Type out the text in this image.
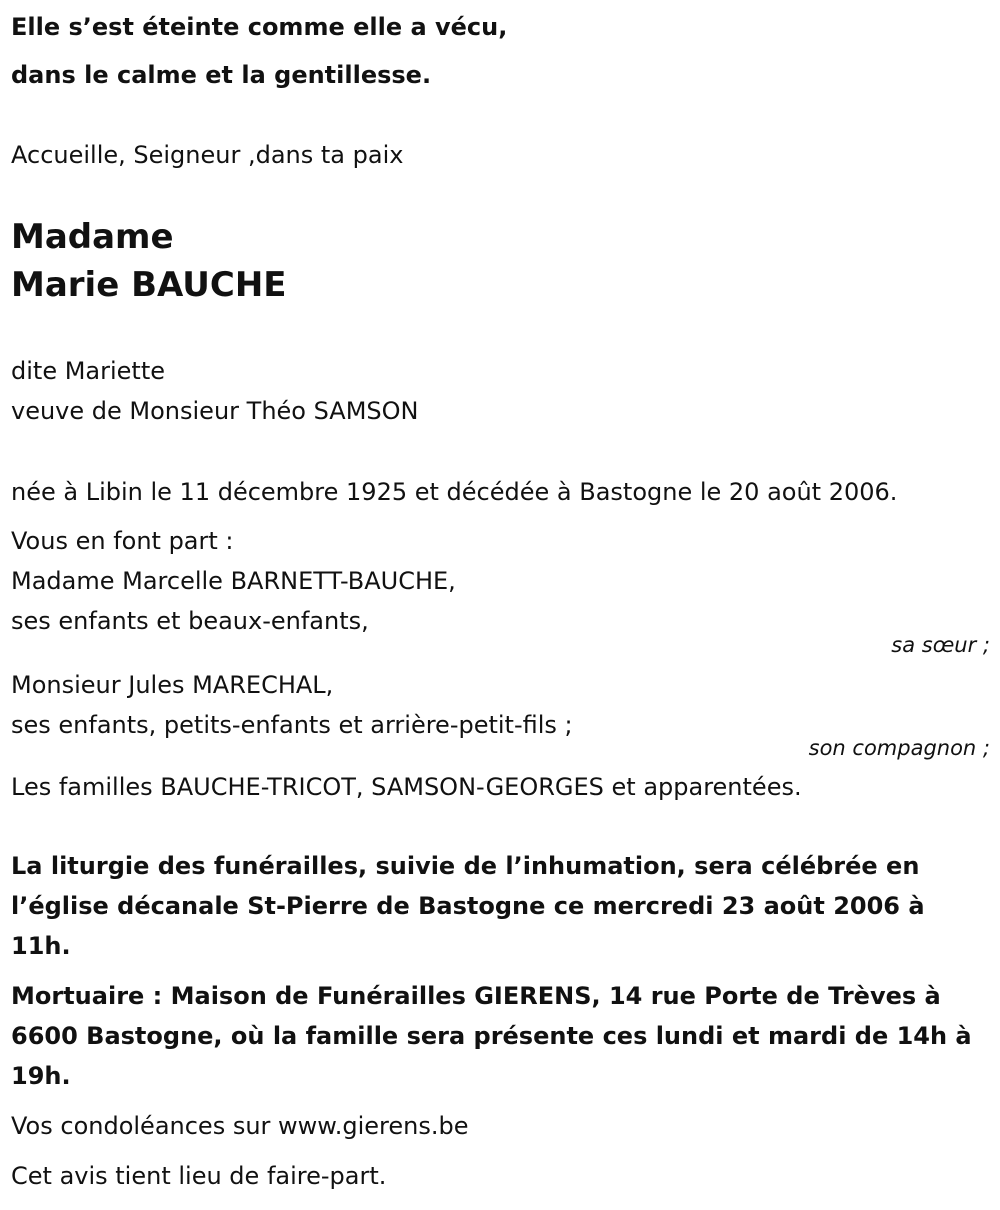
Elle s’est éteinte comme elle a vécu,
dans le calme et la gentillesse.
Accueille, Seigneur ,dans ta paix
Madame
Marie BAUCHE
dite Mariette
veuve de Monsieur Théo SAMSON
née à Libin le 11 décembre 1925 et décédée à Bastogne le 20 août 2006.
Vous en font part :
Madame Marcelle BARNETT-BAUCHE,
ses enfants et beaux-enfants,
sa sœur ;
Monsieur Jules MARECHAL,
ses enfants, petits-enfants et arrière-petit-fils ;
son compagnon ;
Les familles BAUCHE-TRICOT, SAMSON-GEORGES et apparentées.
La liturgie des funérailles, suivie de l’inhumation, sera célébrée en l’église décanale St-Pierre de Bastogne ce mercredi 23 août 2006 à 11h.
Mortuaire : Maison de Funérailles GIERENS, 14 rue Porte de Trèves à 6600 Bastogne, où la famille sera présente ces lundi et mardi de 14h à 19h.
Vos condoléances sur www.gierens.be
Cet avis tient lieu de faire-part.
